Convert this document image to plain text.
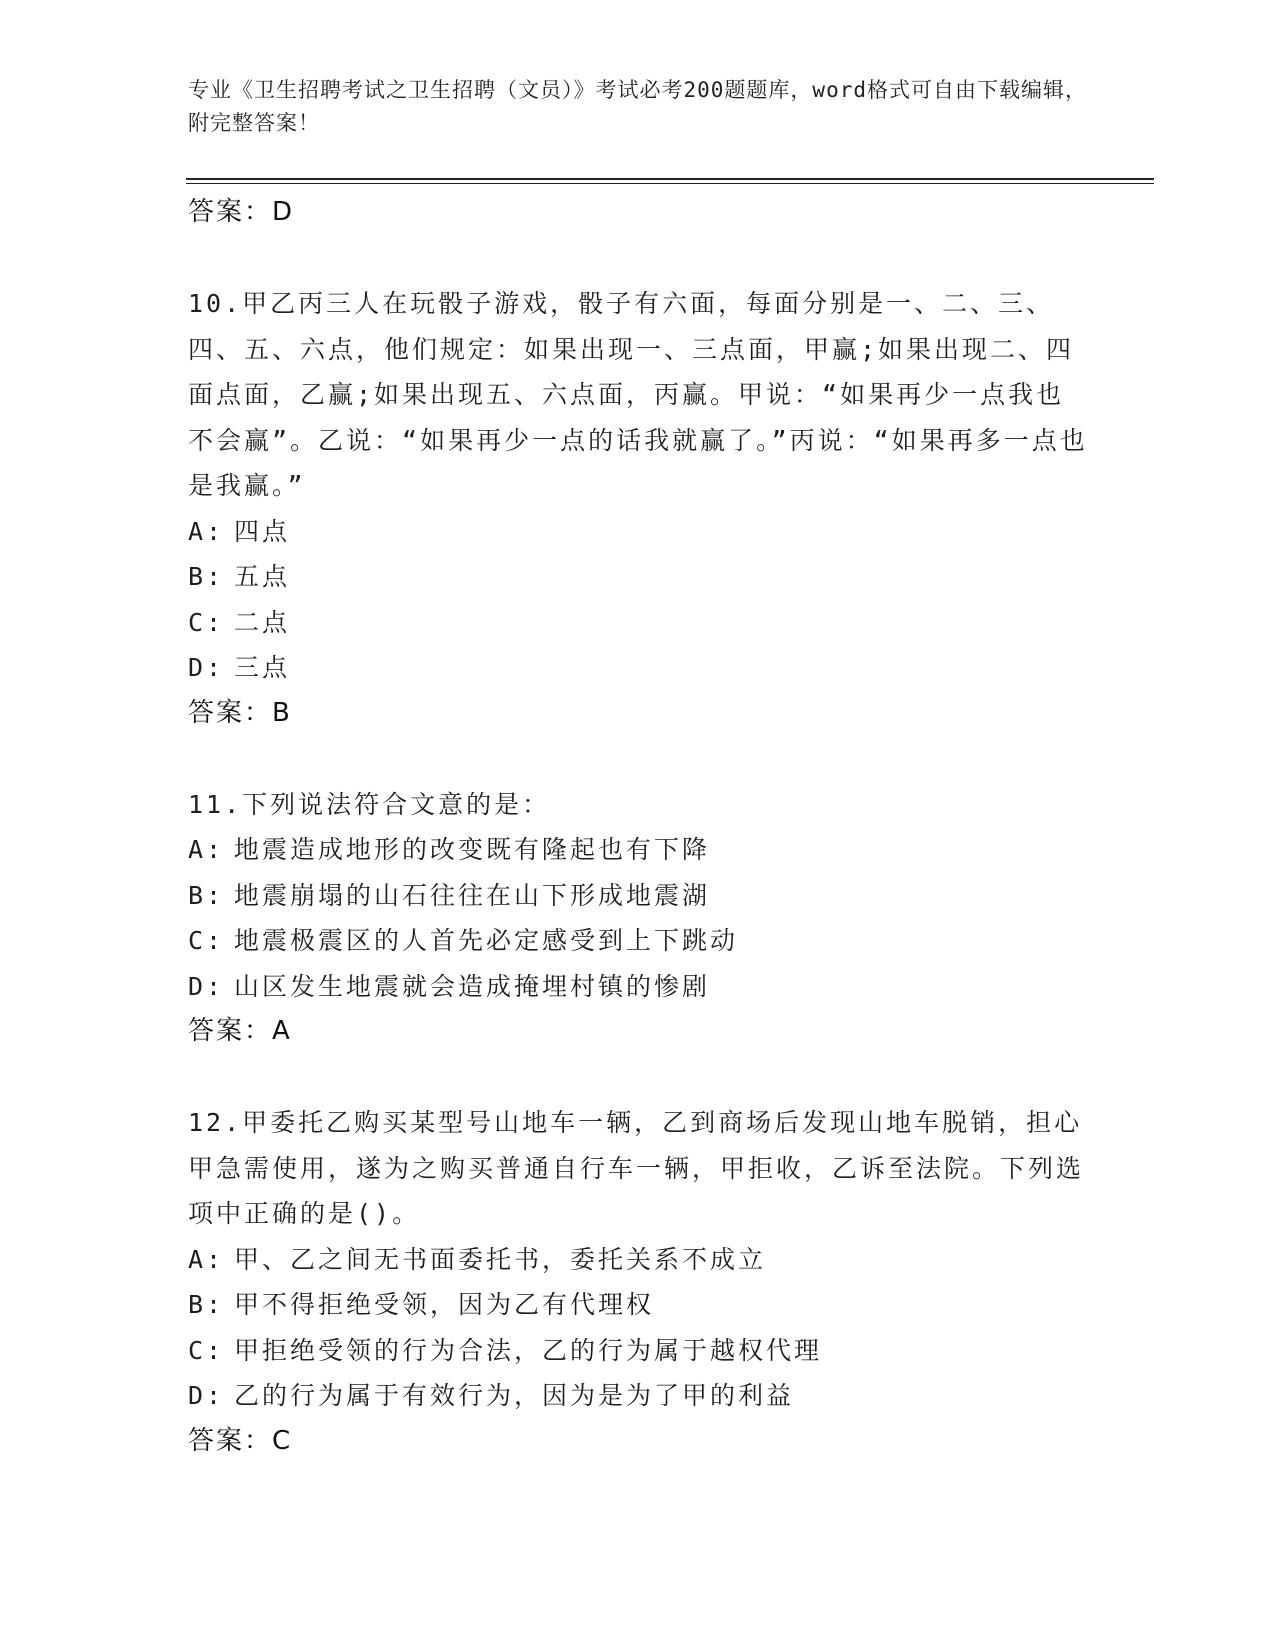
专业《卫生招聘考试之卫生招聘（文员）》考试必考200题题库，word格式可自由下载编辑，附完整答案！
答案：D
10.甲乙丙三人在玩骰子游戏，骰子有六面，每面分别是一、二、三、四、五、六点，他们规定：如果出现一、三点面，甲赢;如果出现二、四面点面，乙赢;如果出现五、六点面，丙赢。甲说：“如果再少一点我也不会赢”。乙说：“如果再少一点的话我就赢了。”丙说：“如果再多一点也是我赢。”
A: 四点
B: 五点
C: 二点
D: 三点
答案：B
11.下列说法符合文意的是：
A: 地震造成地形的改变既有隆起也有下降
B: 地震崩塌的山石往往在山下形成地震湖
C: 地震极震区的人首先必定感受到上下跳动
D: 山区发生地震就会造成掩埋村镇的惨剧
答案：A
12.甲委托乙购买某型号山地车一辆，乙到商场后发现山地车脱销，担心甲急需使用，遂为之购买普通自行车一辆，甲拒收，乙诉至法院。下列选项中正确的是()。
A: 甲、乙之间无书面委托书，委托关系不成立
B: 甲不得拒绝受领，因为乙有代理权
C: 甲拒绝受领的行为合法，乙的行为属于越权代理
D: 乙的行为属于有效行为，因为是为了甲的利益
答案：C
